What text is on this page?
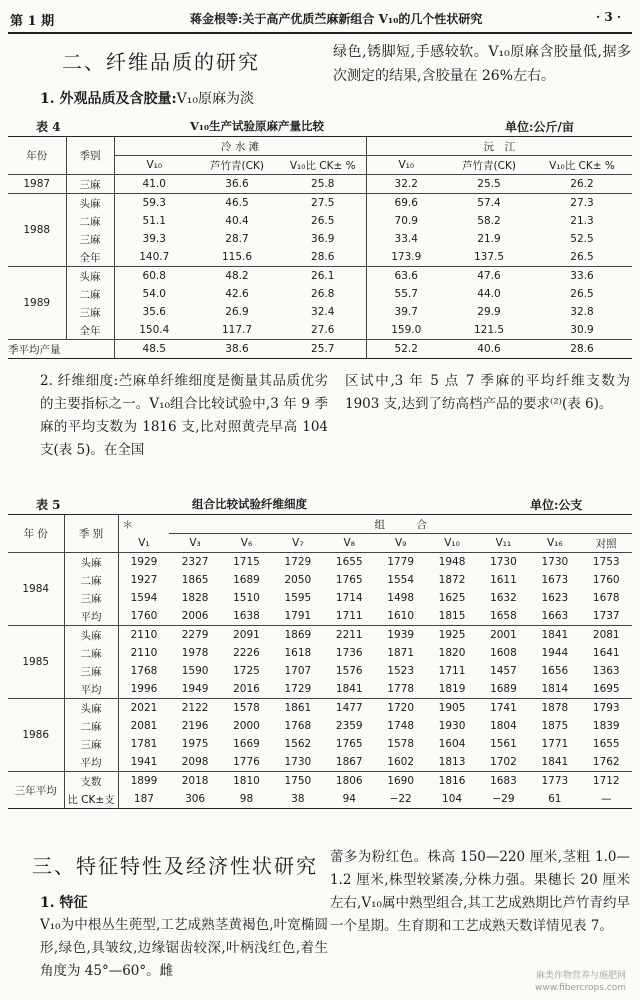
第 1 期	蒋金根等:关于高产优质苎麻新组合 V₁₀的几个性状研究	· 3 ·
二、纤维品质的研究
1. 外观品质及含胶量:V₁₀原麻为淡
绿色,锈脚短,手感较软。V₁₀原麻含胶量低,据多次测定的结果,含胶量在 26%左右。
表 4	V₁₀生产试验原麻产量比较	单位:公斤/亩
年份	季别	冷 水 滩			沅　江		
		V₁₀	芦竹青(CK)	V₁₀比 CK± %	V₁₀	芦竹青(CK)	V₁₀比 CK± %
1987	三麻	41.0	36.6	25.8	32.2	25.5	26.2
1988	头麻	59.3	46.5	27.5	69.6	57.4	27.3
	二麻	51.1	40.4	26.5	70.9	58.2	21.3
	三麻	39.3	28.7	36.9	33.4	21.9	52.5
	全年	140.7	115.6	28.6	173.9	137.5	26.5
1989	头麻	60.8	48.2	26.1	63.6	47.6	33.6
	二麻	54.0	42.6	26.8	55.7	44.0	26.5
	三麻	35.6	26.9	32.4	39.7	29.9	32.8
	全年	150.4	117.7	27.6	159.0	121.5	30.9
季平均产量		48.5	38.6	25.7	52.2	40.6	28.6
2. 纤维细度:苎麻单纤维细度是衡量其品质优劣的主要指标之一。V₁₀组合比较试验中,3 年 9 季麻的平均支数为 1816 支,比对照黄壳早高 104 支(表 5)。在全国
区试中,3 年 5 点 7 季麻的平均纤维支数为 1903 支,达到了纺高档产品的要求⁽²⁾(表 6)。
表 5	组合比较试验纤维细度	单位:公支
年 份	季 别	＊	组　　　合								
		V₁	V₃	V₆	V₇	V₈	V₉	V₁₀	V₁₁	V₁₆	对照
1984	头麻	1929	2327	1715	1729	1655	1779	1948	1730	1730	1753
	二麻	1927	1865	1689	2050	1765	1554	1872	1611	1673	1760
	三麻	1594	1828	1510	1595	1714	1498	1625	1632	1623	1678
	平均	1760	2006	1638	1791	1711	1610	1815	1658	1663	1737
1985	头麻	2110	2279	2091	1869	2211	1939	1925	2001	1841	2081
	二麻	2110	1978	2226	1618	1736	1871	1820	1608	1944	1641
	三麻	1768	1590	1725	1707	1576	1523	1711	1457	1656	1363
	平均	1996	1949	2016	1729	1841	1778	1819	1689	1814	1695
1986	头麻	2021	2122	1578	1861	1477	1720	1905	1741	1878	1793
	二麻	2081	2196	2000	1768	2359	1748	1930	1804	1875	1839
	三麻	1781	1975	1669	1562	1765	1578	1604	1561	1771	1655
	平均	1941	2098	1776	1730	1867	1602	1813	1702	1841	1762
三年平均	支数	1899	2018	1810	1750	1806	1690	1816	1683	1773	1712
	比 CK±支	187	306	98	38	94	−22	104	−29	61	—
三、特征特性及经济性状研究
1. 特征
V₁₀为中根丛生蔸型,工艺成熟茎黄褐色,叶宽椭圆形,绿色,具皱纹,边缘锯齿较深,叶柄浅红色,着生角度为 45°—60°。雌
蕾多为粉红色。株高 150—220 厘米,茎粗 1.0—1.2 厘米,株型较紧凑,分株力强。果穗长 20 厘米左右,V₁₀属中熟型组合,其工艺成熟期比芦竹青约早一个星期。生育期和工艺成熟天数详情见表 7。
麻类作物营养与施肥网
www.fibercrops.com
